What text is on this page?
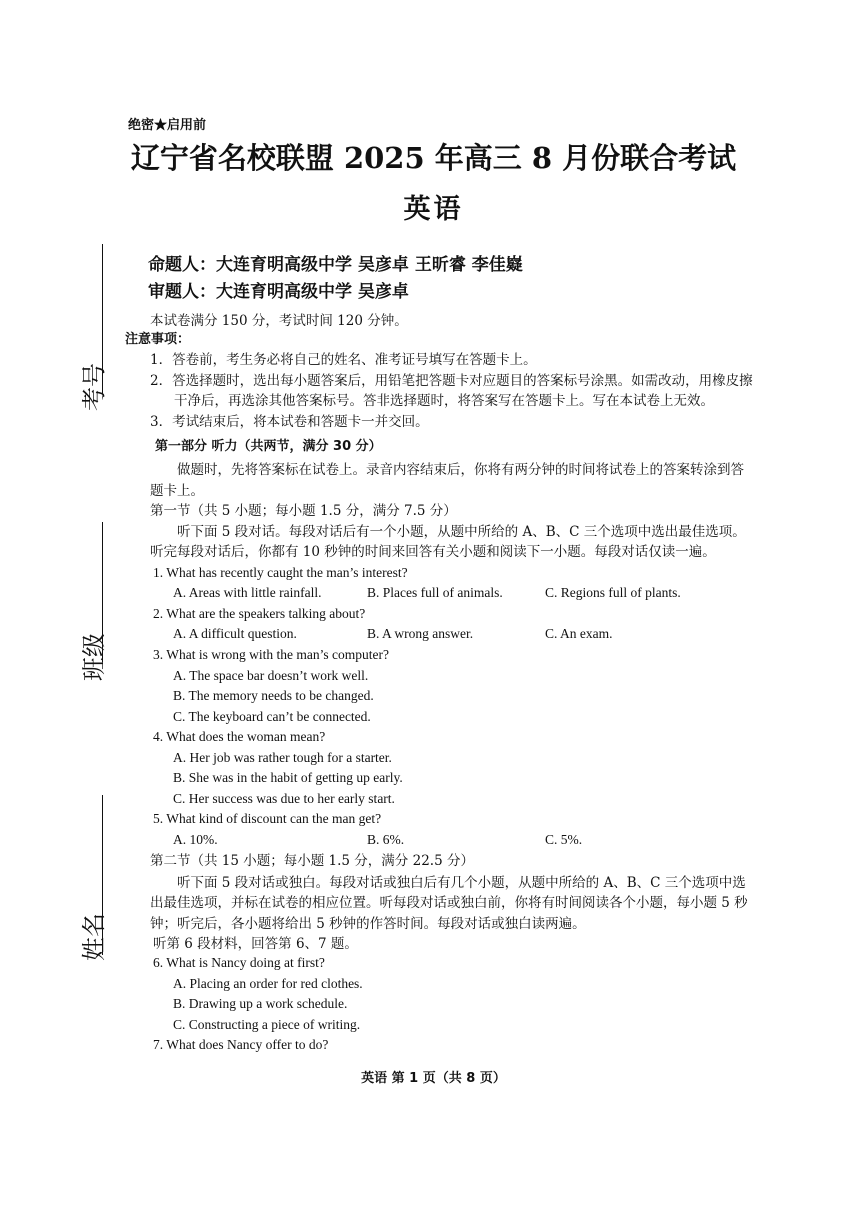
绝密★启用前
辽宁省名校联盟 2025 年高三 8 月份联合考试
英语
命题人：大连育明高级中学 吴彦卓 王昕睿 李佳嶷
审题人：大连育明高级中学 吴彦卓
考号
班级
姓名
本试卷满分 150 分，考试时间 120 分钟。
注意事项：
1．答卷前，考生务必将自己的姓名、准考证号填写在答题卡上。
2．答选择题时，选出每小题答案后，用铅笔把答题卡对应题目的答案标号涂黑。如需改动，用橡皮擦
干净后，再选涂其他答案标号。答非选择题时，将答案写在答题卡上。写在本试卷上无效。
3．考试结束后，将本试卷和答题卡一并交回。
第一部分 听力（共两节，满分 30 分）
做题时，先将答案标在试卷上。录音内容结束后，你将有两分钟的时间将试卷上的答案转涂到答
题卡上。
第一节（共 5 小题；每小题 1.5 分，满分 7.5 分）
听下面 5 段对话。每段对话后有一个小题，从题中所给的 A、B、C 三个选项中选出最佳选项。
听完每段对话后，你都有 10 秒钟的时间来回答有关小题和阅读下一小题。每段对话仅读一遍。
1. What has recently caught the man’s interest?
A. Areas with little rainfall.	B. Places full of animals.	C. Regions full of plants.
2. What are the speakers talking about?
A. A difficult question.	B. A wrong answer.	C. An exam.
3. What is wrong with the man’s computer?
A. The space bar doesn’t work well.
B. The memory needs to be changed.
C. The keyboard can’t be connected.
4. What does the woman mean?
A. Her job was rather tough for a starter.
B. She was in the habit of getting up early.
C. Her success was due to her early start.
5. What kind of discount can the man get?
A. 10%.	B. 6%.	C. 5%.
第二节（共 15 小题；每小题 1.5 分，满分 22.5 分）
听下面 5 段对话或独白。每段对话或独白后有几个小题，从题中所给的 A、B、C 三个选项中选
出最佳选项，并标在试卷的相应位置。听每段对话或独白前，你将有时间阅读各个小题，每小题 5 秒
钟；听完后，各小题将给出 5 秒钟的作答时间。每段对话或独白读两遍。
听第 6 段材料，回答第 6、7 题。
6. What is Nancy doing at first?
A. Placing an order for red clothes.
B. Drawing up a work schedule.
C. Constructing a piece of writing.
7. What does Nancy offer to do?
英语 第 1 页（共 8 页）
